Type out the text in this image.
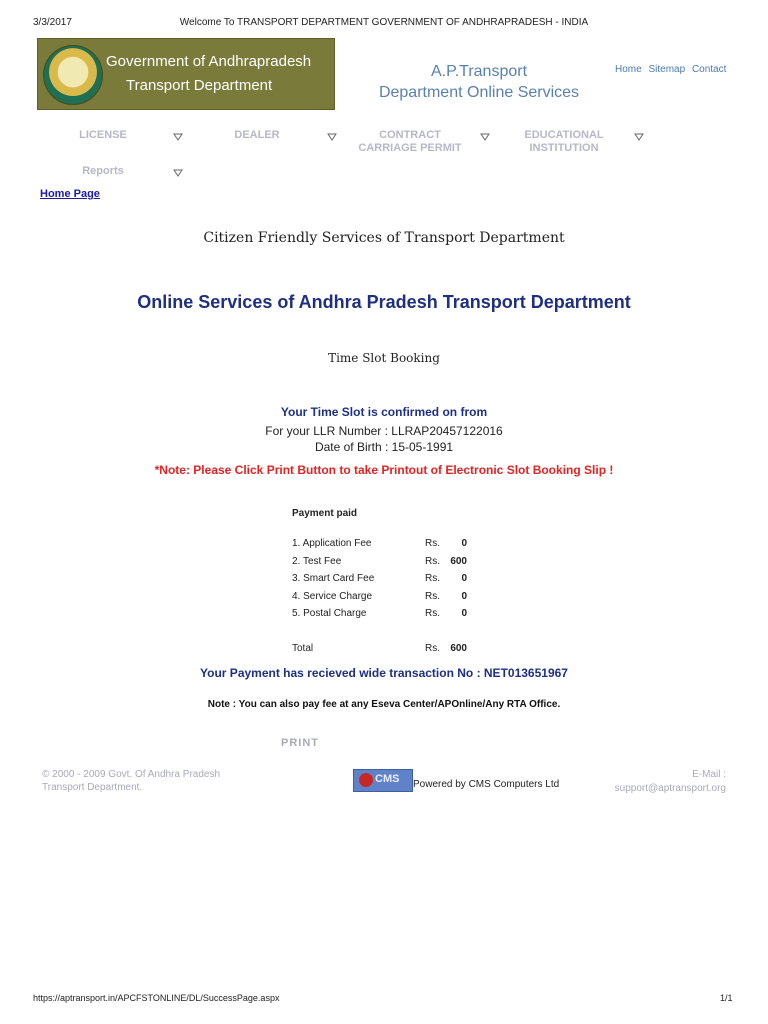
3/3/2017	Welcome To TRANSPORT DEPARTMENT GOVERNMENT OF ANDHRAPRADESH - INDIA
Government of Andhrapradesh
Transport Department
A.P.Transport
Department Online Services
Home Sitemap Contact
LICENSE	DEALER	CONTRACT
CARRIAGE PERMIT
EDUCATIONAL
INSTITUTION
Reports
Home Page
Citizen Friendly Services of Transport Department
Online Services of Andhra Pradesh Transport Department
Time Slot Booking
Your Time Slot is confirmed on from
For your LLR Number : LLRAP20457122016
Date of Birth : 15-05-1991
*Note: Please Click Print Button to take Printout of Electronic Slot Booking Slip !
Payment paid
1. Application Fee	Rs.	0
2. Test Fee	Rs.	600
3. Smart Card Fee	Rs.	0
4. Service Charge	Rs.	0
5. Postal Charge	Rs.	0
Total	Rs.	600
Your Payment has recieved wide transaction No : NET013651967
Note : You can also pay fee at any Eseva Center/APOnline/Any RTA Office.
PRINT
© 2000 - 2009 Govt. Of Andhra Pradesh
Transport Department.
CMS Powered by CMS Computers Ltd
E-Mail :
support@aptransport.org
https://aptransport.in/APCFSTONLINE/DL/SuccessPage.aspx	1/1
